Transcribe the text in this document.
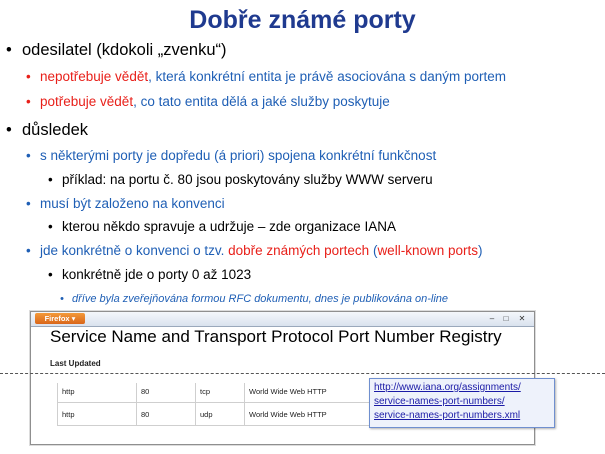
Dobře známé porty
• odesilatel (kdokoli „zvenku“)
• nepotřebuje vědět, která konkrétní entita je právě asociována s daným portem
• potřebuje vědět, co tato entita dělá a jaké služby poskytuje
• důsledek
• s některými porty je dopředu (á priori) spojena konkrétní funkčnost
• příklad: na portu č. 80 jsou poskytovány služby WWW serveru
• musí být založeno na konvenci
• kterou někdo spravuje a udržuje – zde organizace IANA
• jde konkrétně o konvenci o tzv. dobře známých portech (well-known ports)
• konkrétně jde o porty 0 až 1023
• dříve byla zveřejňována formou RFC dokumentu, dnes je publikována on-line
Firefox ▾	–	□	✕
Service Name and Transport Protocol Port Number Registry
Last Updated
http	80	tcp	World Wide Web HTTP	
http	80	udp	World Wide Web HTTP	
http://www.iana.org/assignments/
service-names-port-numbers/
service-names-port-numbers.xml
